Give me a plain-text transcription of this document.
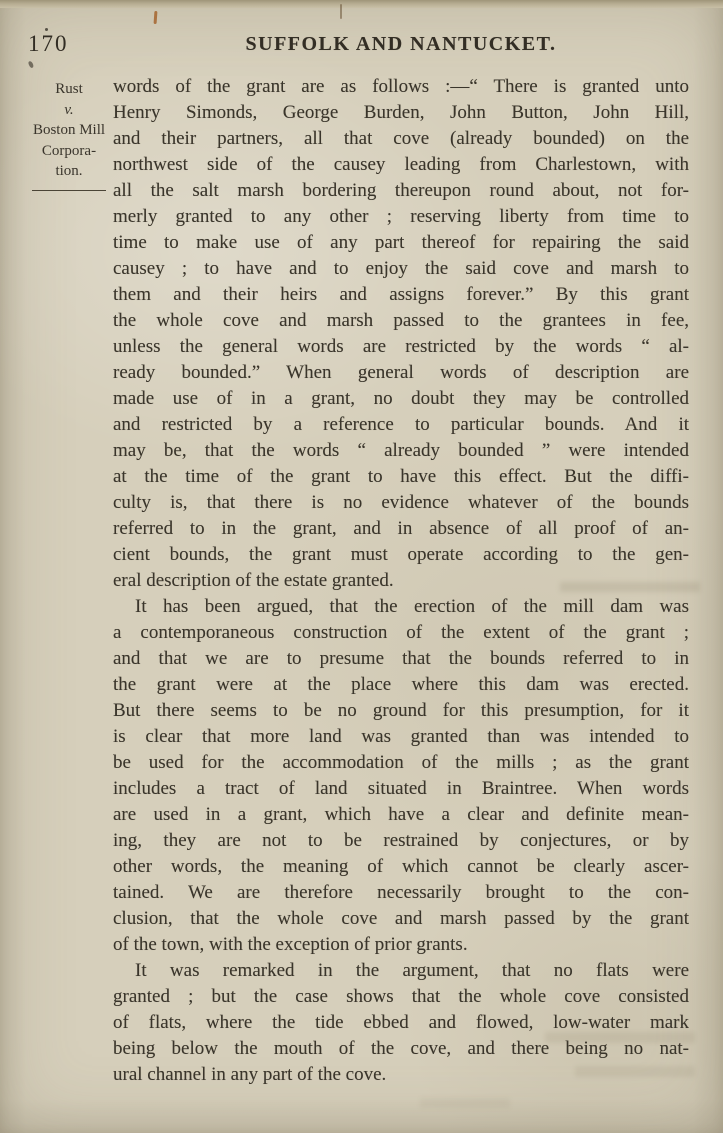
170	SUFFOLK AND NANTUCKET.
Rust
v.
Boston Mill
Corpora-
tion.
words of the grant are as follows :—“ There is granted unto
Henry Simonds, George Burden, John Button, John Hill,
and their partners, all that cove (already bounded) on the
northwest side of the causey leading from Charlestown, with
all the salt marsh bordering thereupon round about, not for-
merly granted to any other ; reserving liberty from time to
time to make use of any part thereof for repairing the said
causey ; to have and to enjoy the said cove and marsh to
them and their heirs and assigns forever.” By this grant
the whole cove and marsh passed to the grantees in fee,
unless the general words are restricted by the words “ al-
ready bounded.” When general words of description are
made use of in a grant, no doubt they may be controlled
and restricted by a reference to particular bounds. And it
may be, that the words “ already bounded ” were intended
at the time of the grant to have this effect. But the diffi-
culty is, that there is no evidence whatever of the bounds
referred to in the grant, and in absence of all proof of an-
cient bounds, the grant must operate according to the gen-
eral description of the estate granted.
It has been argued, that the erection of the mill dam was
a contemporaneous construction of the extent of the grant ;
and that we are to presume that the bounds referred to in
the grant were at the place where this dam was erected.
But there seems to be no ground for this presumption, for it
is clear that more land was granted than was intended to
be used for the accommodation of the mills ; as the grant
includes a tract of land situated in Braintree. When words
are used in a grant, which have a clear and definite mean-
ing, they are not to be restrained by conjectures, or by
other words, the meaning of which cannot be clearly ascer-
tained. We are therefore necessarily brought to the con-
clusion, that the whole cove and marsh passed by the grant
of the town, with the exception of prior grants.
It was remarked in the argument, that no flats were
granted ; but the case shows that the whole cove consisted
of flats, where the tide ebbed and flowed, low-water mark
being below the mouth of the cove, and there being no nat-
ural channel in any part of the cove.
